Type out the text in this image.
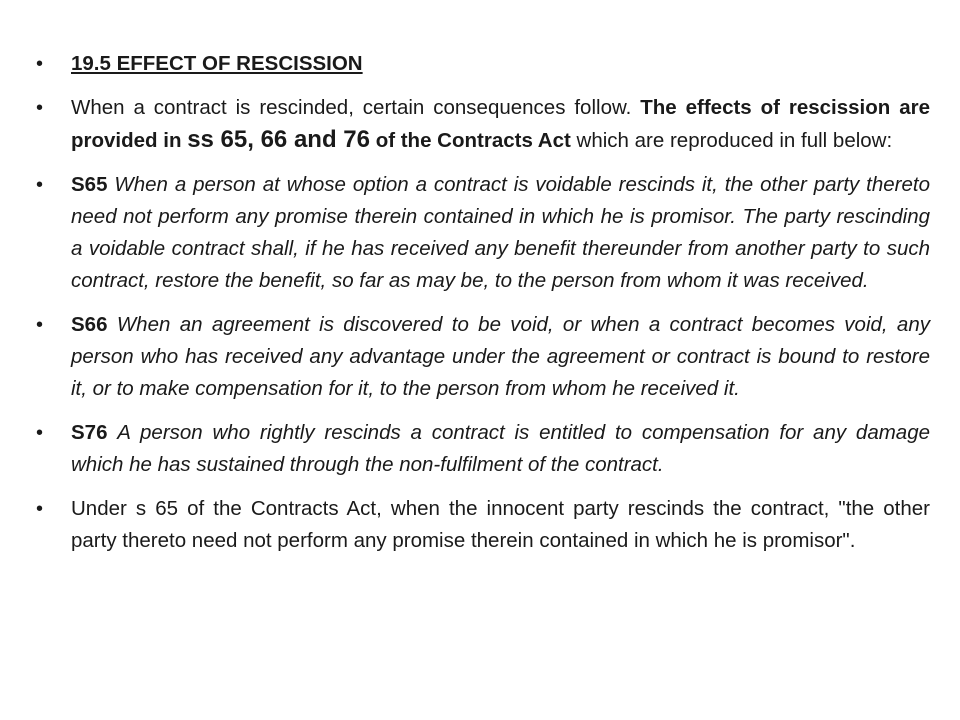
• 19.5 EFFECT OF RESCISSION
• When a contract is rescinded, certain consequences follow. The effects of rescission are provided in ss 65, 66 and 76 of the Contracts Act which are reproduced in full below:
• S65 When a person at whose option a contract is voidable rescinds it, the other party thereto need not perform any promise therein contained in which he is promisor. The party rescinding a voidable contract shall, if he has received any benefit thereunder from another party to such contract, restore the benefit, so far as may be, to the person from whom it was received.
• S66 When an agreement is discovered to be void, or when a contract becomes void, any person who has received any advantage under the agreement or contract is bound to restore it, or to make compensation for it, to the person from whom he received it.
• S76 A person who rightly rescinds a contract is entitled to compensation for any damage which he has sustained through the non-fulfilment of the contract.
• Under s 65 of the Contracts Act, when the innocent party rescinds the contract, "the other party thereto need not perform any promise therein contained in which he is promisor".
